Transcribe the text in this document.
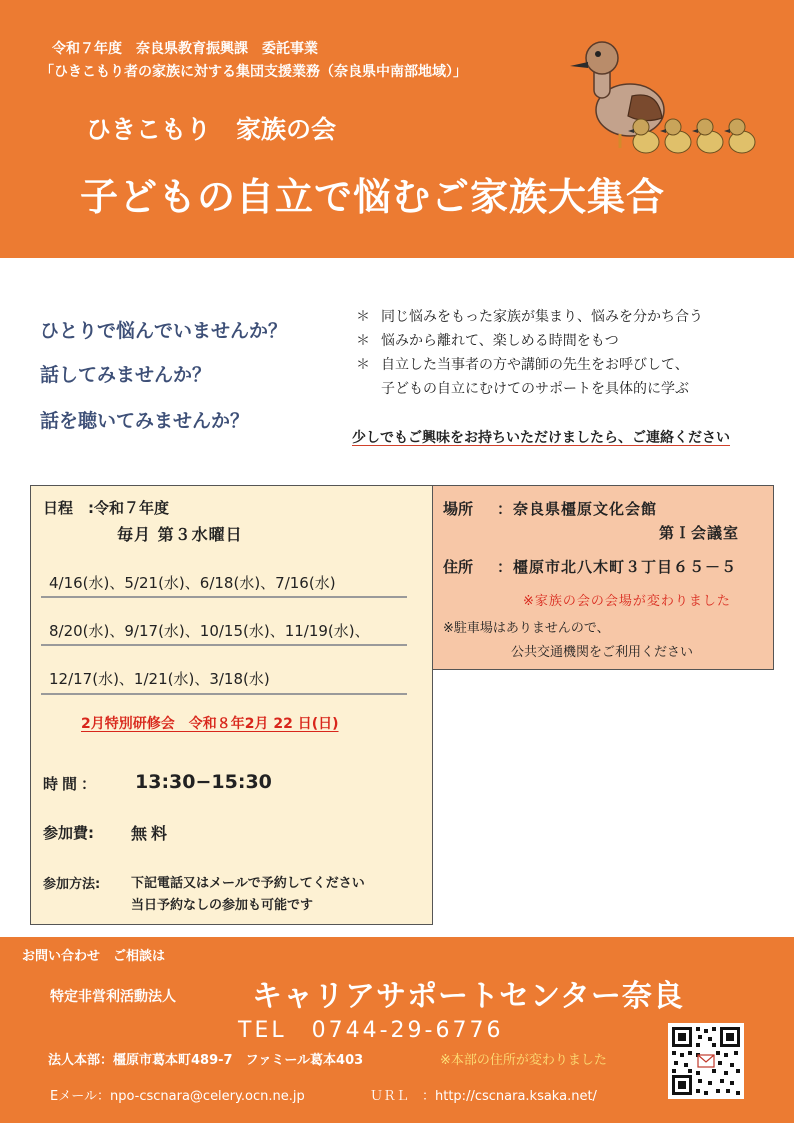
令和７年度　奈良県教育振興課　委託事業
「ひきこもり者の家族に対する集団支援業務（奈良県中南部地域）」
ひきこもり　家族の会
子どもの自立で悩むご家族大集合
ひとりで悩んでいませんか？
話してみませんか？
話を聴いてみませんか？
＊ 同じ悩みをもった家族が集まり、悩みを分かち合う
＊ 悩みから離れて、楽しめる時間をもつ
＊ 自立した当事者の方や講師の先生をお呼びして、
子どもの自立にむけてのサポートを具体的に学ぶ
少しでもご興味をお持ちいただけましたら、ご連絡ください
日程　:令和７年度
毎月 第３水曜日
4/16(水)、5/21(水)、6/18(水)、7/16(水)
8/20(水)、9/17(水)、10/15(水)、11/19(水)、
12/17(水)、1/21(水)、3/18(水)
2月特別研修会　令和８年2月 22 日(日)
時間： 13:30−15:30
参加費: 無料
参加方法: 下記電話又はメールで予約してください
当日予約なしの参加も可能です
場所 ：奈良県橿原文化会館
第Ｉ会議室
住所 ：橿原市北八木町３丁目６５－５
※家族の会の会場が変わりました
※駐車場はありませんので、
公共交通機関をご利用ください
お問い合わせ　ご相談は
特定非営利活動法人	キャリアサポートセンター奈良
TEL　0744-29-6776
法人本部：橿原市葛本町489-7　ファミール葛本403	※本部の住所が変わりました
Eメール：npo-cscnara@celery.ocn.ne.jp	ＵＲＬ　：http://cscnara.ksaka.net/
